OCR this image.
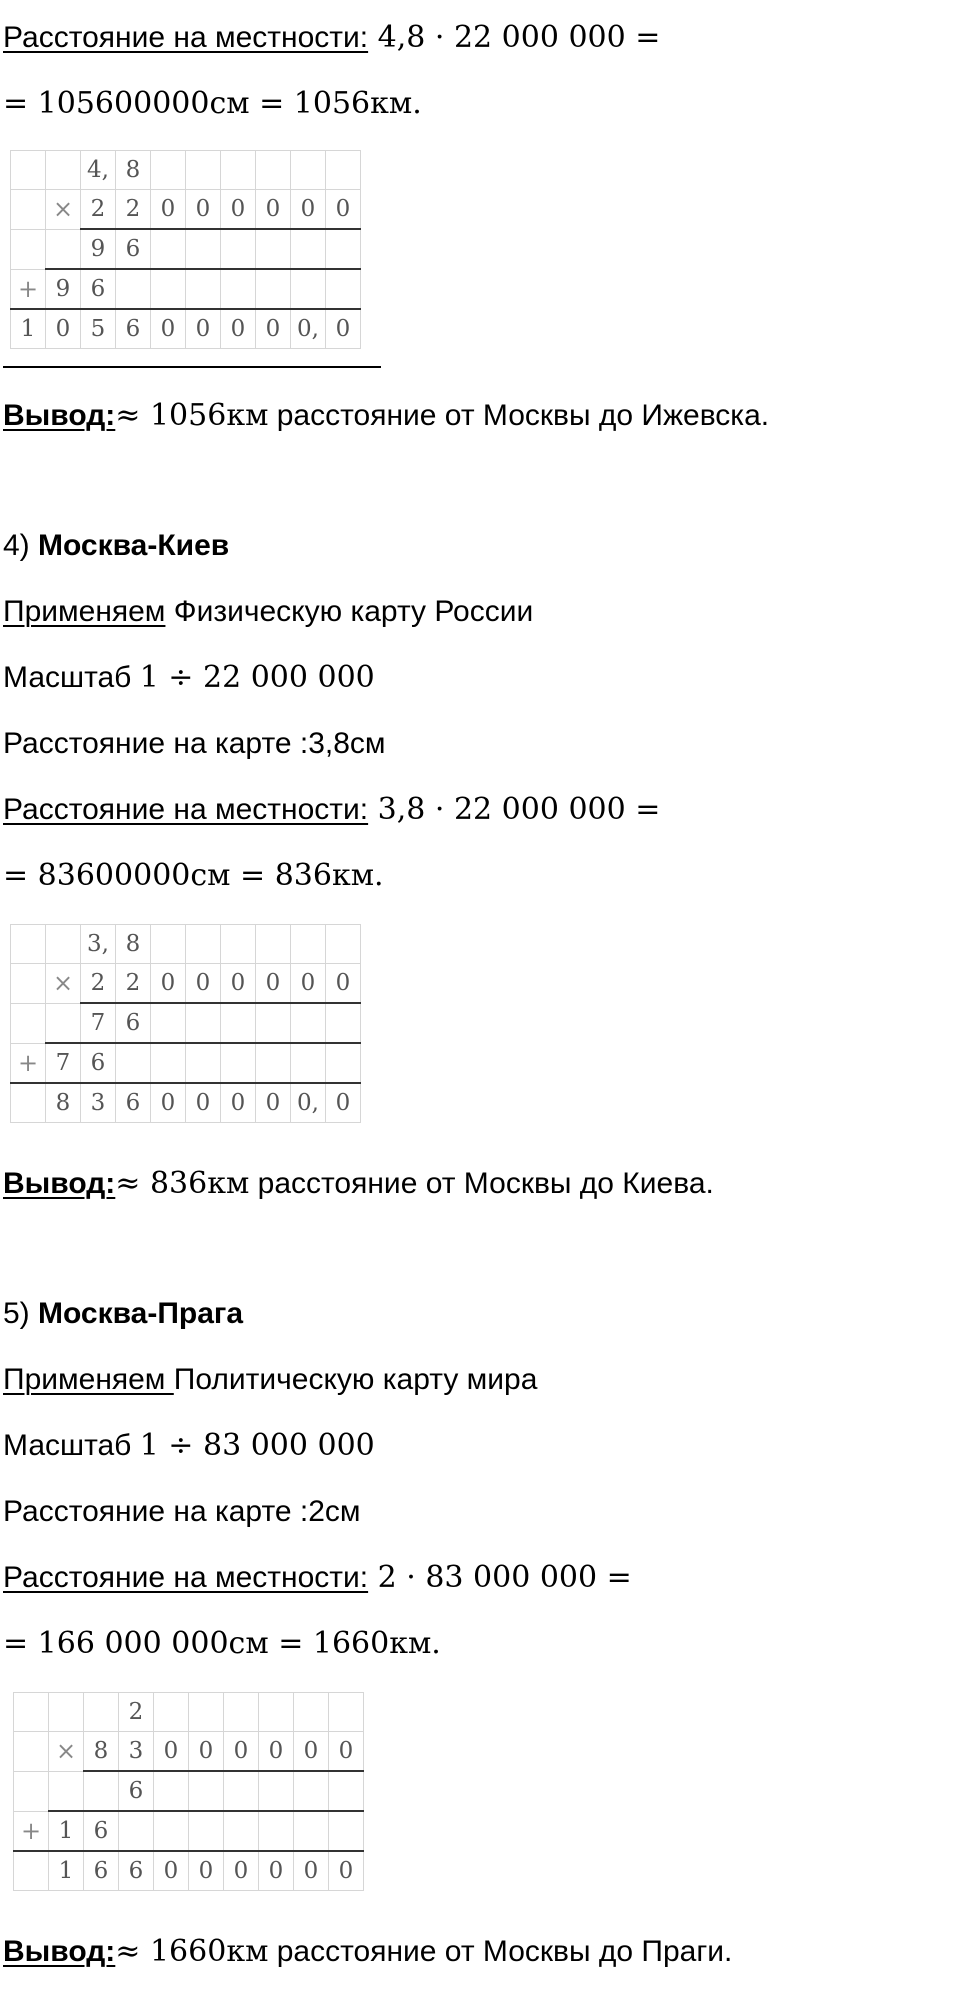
Расстояние на местности: 4,8 · 22 000 000 =
= 105600000см = 1056км.
		4,	8						
	×	2	2	0	0	0	0	0	0
		9	6						
+	9	6							
1	0	5	6	0	0	0	0	0,	0
Вывод:≈ 1056км расстояние от Москвы до Ижевска.
4) Москва-Киев
Применяем Физическую карту России
Масштаб 1 ÷ 22 000 000
Расстояние на карте :3,8см
Расстояние на местности: 3,8 · 22 000 000 =
= 83600000см = 836км.
		3,	8						
	×	2	2	0	0	0	0	0	0
		7	6						
+	7	6							
	8	3	6	0	0	0	0	0,	0
Вывод:≈ 836км расстояние от Москвы до Киева.
5) Москва-Прага
Применяем Политическую карту мира
Масштаб 1 ÷ 83 000 000
Расстояние на карте :2см
Расстояние на местности: 2 · 83 000 000 =
= 166 000 000см = 1660км.
			2						
	×	8	3	0	0	0	0	0	0
			6						
+	1	6							
	1	6	6	0	0	0	0	0	0
Вывод:≈ 1660км расстояние от Москвы до Праги.
